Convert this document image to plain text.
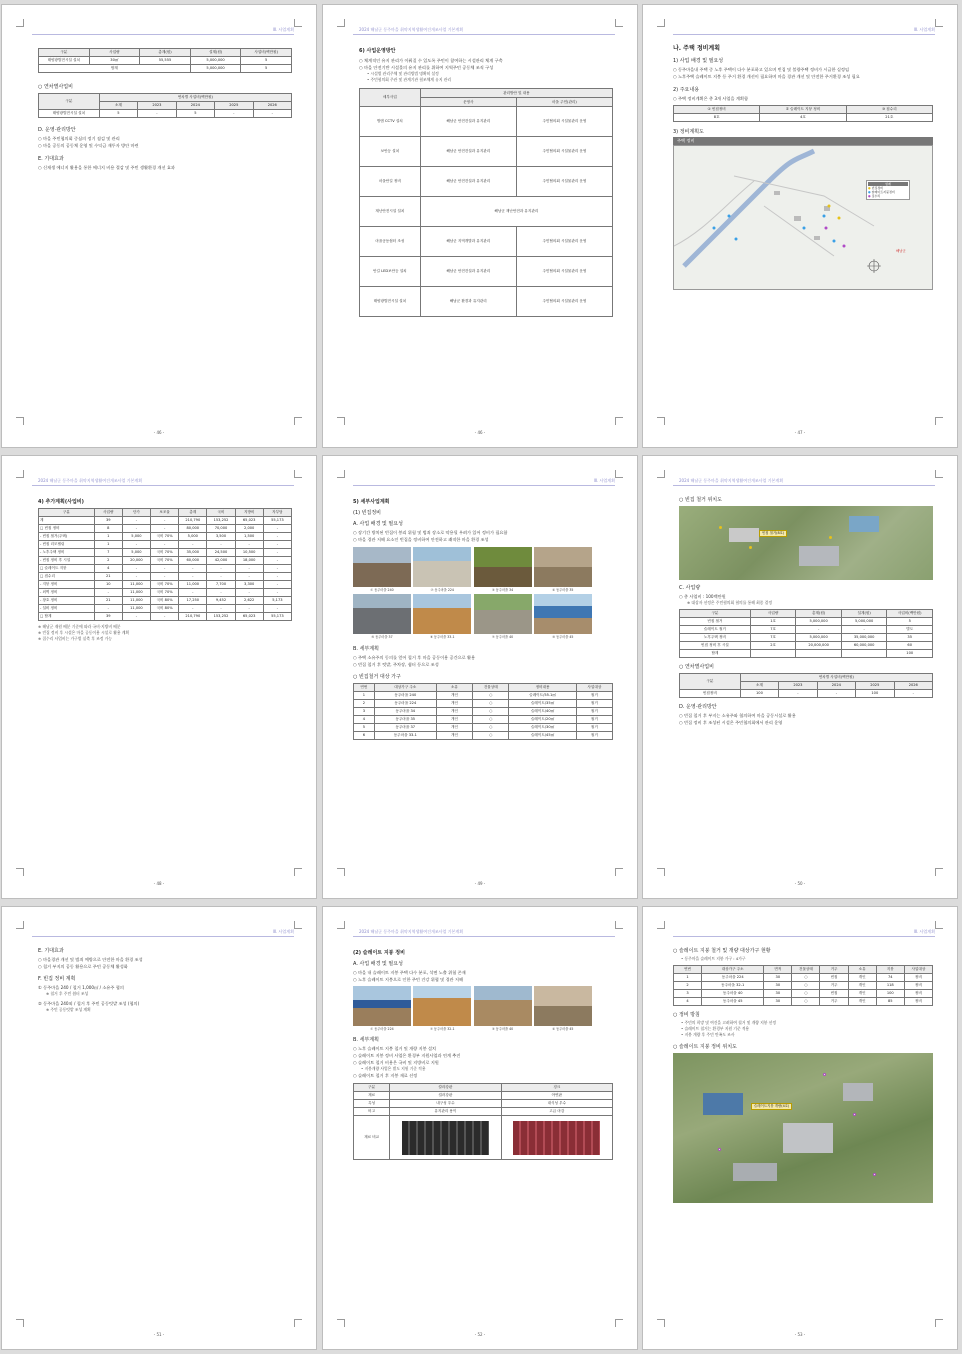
Ⅲ. 사업계획
구분	사업량	총계(원)	설계(원)	사업비(백만원)
태양광발전시설 설치	30㎡	55,555	5,000,000	5
합계			5,000,000	5
○ 연차별사업비
구분	연차별 사업비(백만원)				
	소계	2023	2024	2025	2026
태양광발전시설 설치	5	-	5	-	-
D. 운영·관리방안
○ 마을 주민협의회 중심의 정기 점검 및 관리
○ 마을 공동의 공동체 운영 및 수익금 재투자 방안 마련
E. 기대효과
○ 신재생 에너지 활용을 통한 에너지 비용 절감 및 주민 생활환경 개선 효과
- 46 -
2024 해남군 동주마을 취약지역생활여건개조사업 기본계획
6) 사업운영방안
○ 체계적인 유지 관리가 이뤄질 수 있도록 주민이 참여하는 시설관리 체계 구축
○ 마을 안전기반 시설물의 유지 관리를 위하여 지역주민 공동체 조직 구성
• 시설별 관리주체 및 관리방법 명확히 설정
• 주민협의회 주관 및 관계기관 협조체계 유지 관리
세부사업	관리방안 및 내용	
	운영사	마을 주민(관리)
방범 CCTV 설치	해남군 안전건설과 유지관리	주민협의회 시설물관리 운영
보안등 설치	해남군 안전건설과 유지관리	주민협의회 시설물관리 운영
마을안길 정비	해남군 안전건설과 유지관리	주민협의회 시설물관리 운영
재난안전시설 설치	해남군 재난안전과 유지관리	
마을공동쉼터 조성	해남군 지역개발과 유지관리	주민협의회 시설물관리 운영
안길 LED보안등 설치	해남군 안전건설과 유지관리	주민협의회 시설물관리 운영
태양광발전시설 설치	해남군 환경과 유지관리	주민협의회 시설물관리 운영
- 46 -
Ⅲ. 사업계획
나. 주택 정비계획
1) 사업 배경 및 필요성
○ 동주마을내 주택 중 노후 주택이 다수 분포하고 있으며 빈집 및 불량주택 정비가 시급한 실정임
○ 노후주택 슬레이트 지붕 등 주거 환경 개선이 필요하며 마을 경관 개선 및 안전한 주거환경 조성 필요
2) 주요내용
○ 주택 정비계획은 총 3개 사업을 계획함
① 빈집정비	② 슬레이트 지붕 정비	③ 집수리
8호	4호	21호
3) 정비계획도
주택 정비
범례
● 빈집정비
● 슬레이트지붕정비
● 집수리
해남군
- 47 -
2024 해남군 동주마을 취약지역생활여건개조사업 기본계획
4) 추가계획(사업비)
구분	사업량	단가	보조율	총계	국비	지방비	자부담
계	39	-	-	210,790	153,252	65,023	55,173
□ 빈집 정비	8	-	-	80,000	70,000	2,000	-
- 빈집 철거(주택)	1	5,000	국비 70%	5,000	3,500	1,500	-
- 빈집 리모델링	1	-	-	-	-	-	-
- 노후주택 정비	7	5,000	국비 70%	35,000	24,500	10,500	-
- 빈집 정비 후 시설	2	20,000	국비 70%	60,000	42,000	18,000	-
□ 슬레이트 지붕	4	-	-	-	-	-	-
□ 집수리	21	-	-	-	-	-	-
- 지붕 정비	10	11,000	국비 70%	11,000	7,700	3,300	-
- 외벽 정비	-	11,000	국비 70%	-	-	-	-
- 창호 정비	21	11,000	국비 80%	17,250	9,452	2,622	5,173
- 설비 정비	-	11,000	국비 80%	-	-	-	-
□ 합계	39	-	-	210,790	153,252	65,023	55,173
※ 해남군 재원 배분 기준에 따라 국비·지방비 배분
※ 빈집 정비 후 시설은 마을 공동이용 시설로 활용 계획
※ 집수리 사업비는 가구별 실측 후 조정 가능
- 48 -
Ⅲ. 사업계획
5) 세부사업계획
(1) 빈집정비
A. 사업 배경 및 필요성
○ 장기간 방치된 빈집이 붕괴 위험 및 범죄 장소로 악용될 우려가 있어 정비가 필요함
○ 마을 경관 저해 요소인 빈집을 정비하여 안전하고 쾌적한 마을 환경 조성
① 동주마을 240
	② 동주마을 224
	③ 동주마을 34
	④ 동주마을 35
⑤ 동주마을 37
	⑥ 동주마을 33-1
	⑦ 동주마을 40
	⑧ 동주마을 45
B. 세부계획
○ 주택 소유주의 동의를 얻어 철거 후 마을 공동이용 공간으로 활용
○ 빈집 철거 후 텃밭, 주차장, 쉼터 등으로 조성
○ 빈집철거 대상 가구
연번	대상가구 주소	소유	건물상태	정비내용	사업대상
1	동주마을 240	개인	○	슬레이트/55.1㎡	철거
2	동주마을 224	개인	○	슬레이트/35㎡	철거
3	동주마을 34	개인	○	슬레이트/40㎡	철거
4	동주마을 35	개인	○	슬레이트/20㎡	철거
5	동주마을 37	개인	○	슬레이트/30㎡	철거
6	동주마을 33-1	개인	○	슬레이트/45㎡	철거
- 49 -
2024 해남군 동주마을 취약지역생활여건개조사업 기본계획
○ 빈집 철거 위치도
빈집 철거(8호)
C. 사업량
○ 총 사업비 : 100백만원
※ 대상자 선정은 주민협의회 협의를 통해 최종 결정
구분	사업량	총계(원)	설계(원)	사업비(백만원)
빈집 철거	1호	5,000,000	5,000,000	5
슬레이트 철거	7호	-	-	별도
노후주택 정비	7호	5,000,000	35,000,000	35
빈집 정비 후 시설	2호	20,000,000	60,000,000	60
합계				100
○ 연차별사업비
구분	연차별 사업비(백만원)				
	소계	2023	2024	2025	2026
빈집정비	100	-	-	100	-
D. 운영·관리방안
○ 빈집 철거 후 부지는 소유주와 협의하여 마을 공동시설로 활용
○ 빈집 정비 후 조성된 시설은 주민협의회에서 관리 운영
- 50 -
Ⅲ. 사업계획
E. 기대효과
○ 마을경관 개선 및 범죄 예방으로 안전한 마을 환경 조성
○ 철거 부지의 공동 활용으로 주민 공동체 활성화
F. 빈집 정비 계획
① 동주마을 240 / 철거 1,000㎡ / 소유주 협의
※ 철거 후 주민 쉼터 조성
② 동주마을 240외 / 철거 후 주민 공동텃밭 조성 (협의)
※ 주민 공동텃밭 조성 계획
- 51 -
2024 해남군 동주마을 취약지역생활여건개조사업 기본계획
(2) 슬레이트 지붕 정비
A. 사업 배경 및 필요성
○ 마을 내 슬레이트 지붕 주택 다수 분포, 석면 노출 위험 존재
○ 노후 슬레이트 지붕으로 인한 주민 건강 위협 및 경관 저해
① 동주마을 224
	② 동주마을 32-1
	③ 동주마을 40
	④ 동주마을 45
B. 세부계획
○ 노후 슬레이트 지붕 철거 및 개량 지붕 설치
○ 슬레이트 지붕 정비 사업은 환경부 지원사업과 연계 추진
○ 슬레이트 철거 비용은 국비 및 지방비로 지원
• 지붕개량 사업은 별도 지원 기준 적용
○ 슬레이트 철거 후 지붕 재료 선정
구분	칼라강판	징크
재료	컬러강판	아연판
특성	내구성 우수	내식성 우수
비고	유지관리 용이	고급 마감
재료 비교	

- 52 -
Ⅲ. 사업계획
○ 슬레이트 지붕 철거 및 개량 대상가구 현황
• 동주마을 슬레이트 지붕 가구 : 4가구
연번	대상가구 주소	면적	건물상태	거주	소유	지붕	사업대상
1	동주마을 224	30	○	빈집	개인	74	정비
2	동주마을 32-1	30	○	거주	개인	118	정비
3	동주마을 40	30	○	빈집	개인	100	정비
4	동주마을 45	30	○	거주	개인	85	정비
○ 정비 방침
• 주민의 희망 및 여건을 고려하여 철거 및 개량 지붕 선정
• 슬레이트 철거는 환경부 지원 기준 적용
• 지붕 개량 후 주민 만족도 조사
○ 슬레이트 지붕 정비 위치도
슬레이트지붕 개량(4호)
- 53 -
